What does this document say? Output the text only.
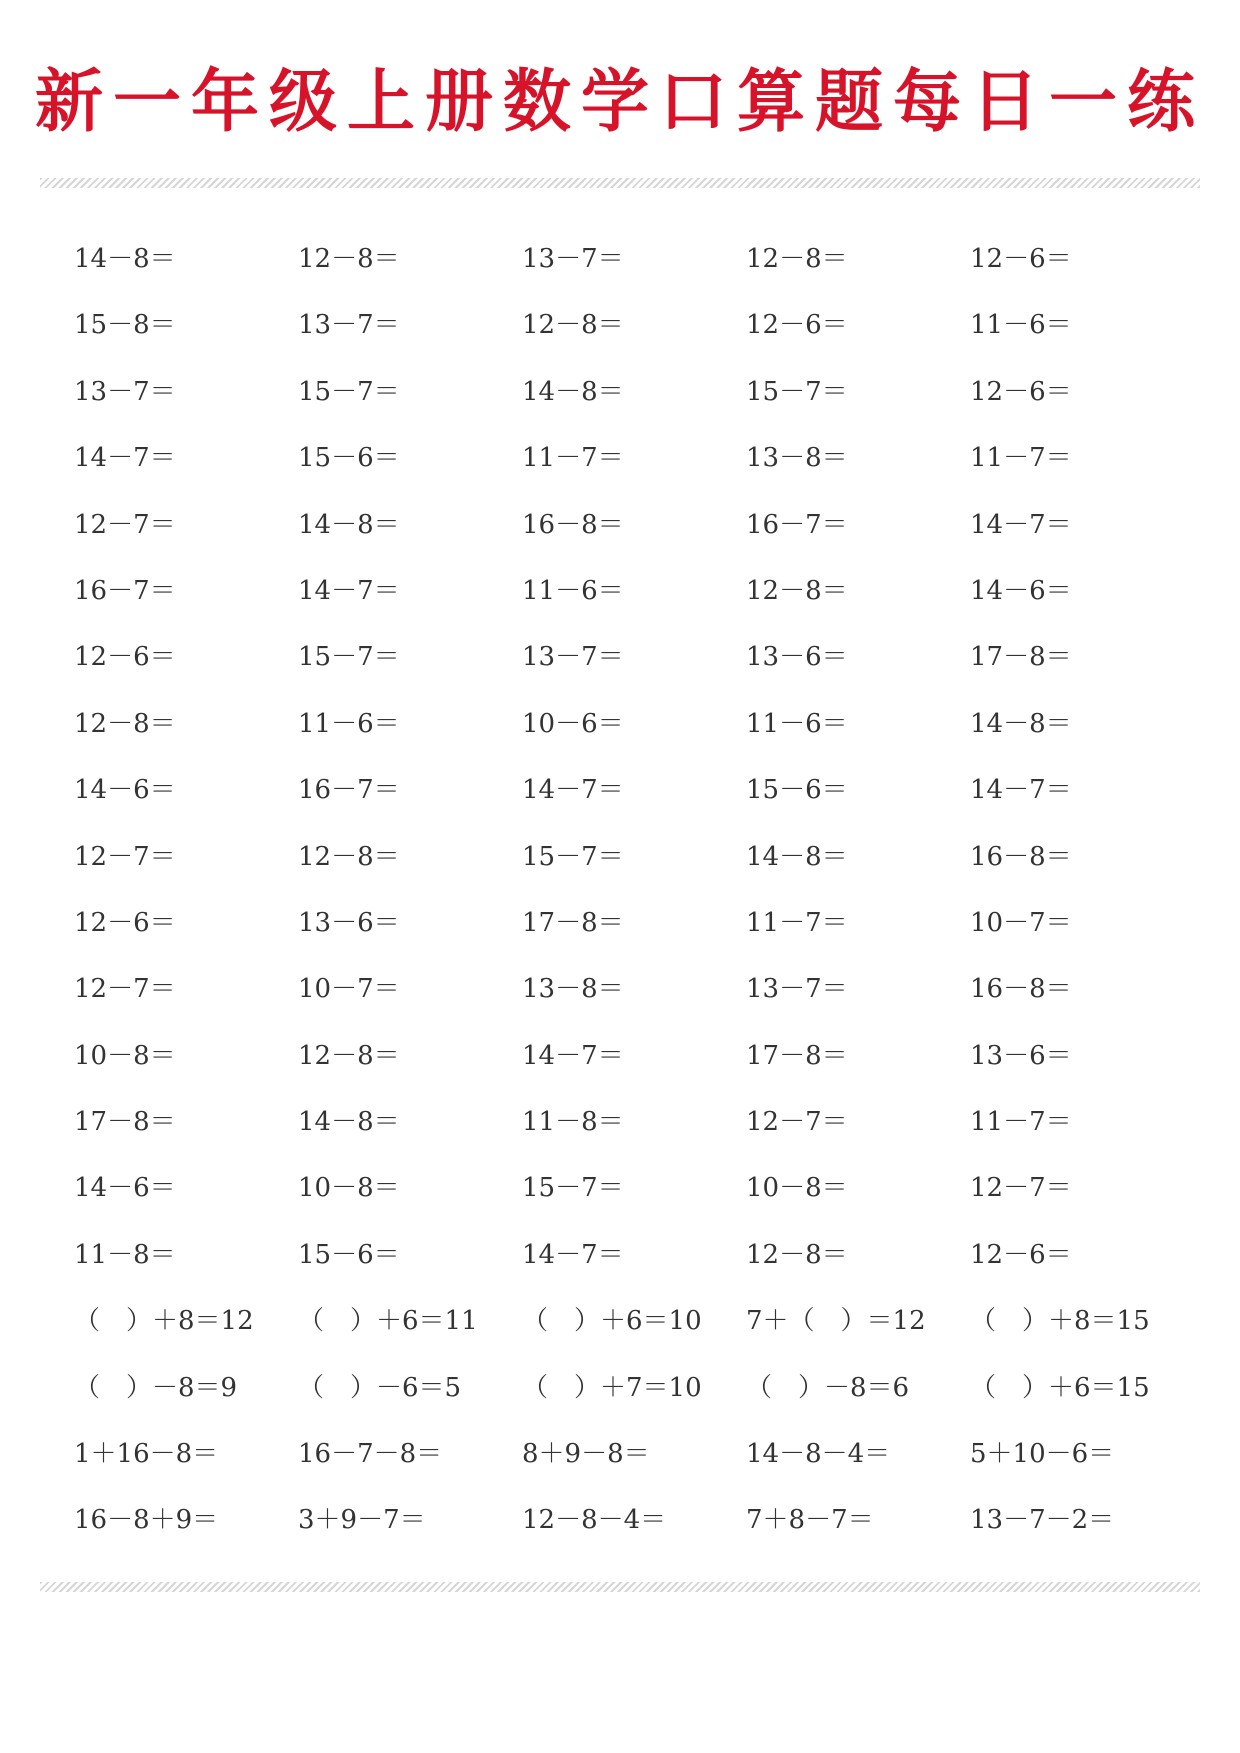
新一年级上册数学口算题每日一练
14－8＝	12－8＝	13－7＝	12－8＝	12－6＝
15－8＝	13－7＝	12－8＝	12－6＝	11－6＝
13－7＝	15－7＝	14－8＝	15－7＝	12－6＝
14－7＝	15－6＝	11－7＝	13－8＝	11－7＝
12－7＝	14－8＝	16－8＝	16－7＝	14－7＝
16－7＝	14－7＝	11－6＝	12－8＝	14－6＝
12－6＝	15－7＝	13－7＝	13－6＝	17－8＝
12－8＝	11－6＝	10－6＝	11－6＝	14－8＝
14－6＝	16－7＝	14－7＝	15－6＝	14－7＝
12－7＝	12－8＝	15－7＝	14－8＝	16－8＝
12－6＝	13－6＝	17－8＝	11－7＝	10－7＝
12－7＝	10－7＝	13－8＝	13－7＝	16－8＝
10－8＝	12－8＝	14－7＝	17－8＝	13－6＝
17－8＝	14－8＝	11－8＝	12－7＝	11－7＝
14－6＝	10－8＝	15－7＝	10－8＝	12－7＝
11－8＝	15－6＝	14－7＝	12－8＝	12－6＝
（　）＋8＝12	（　）＋6＝11	（　）＋6＝10	7＋（　）＝12	（　）＋8＝15
（　）－8＝9	（　）－6＝5	（　）＋7＝10	（　）－8＝6	（　）＋6＝15
1＋16－8＝	16－7－8＝	8＋9－8＝	14－8－4＝	5＋10－6＝
16－8＋9＝	3＋9－7＝	12－8－4＝	7＋8－7＝	13－7－2＝
